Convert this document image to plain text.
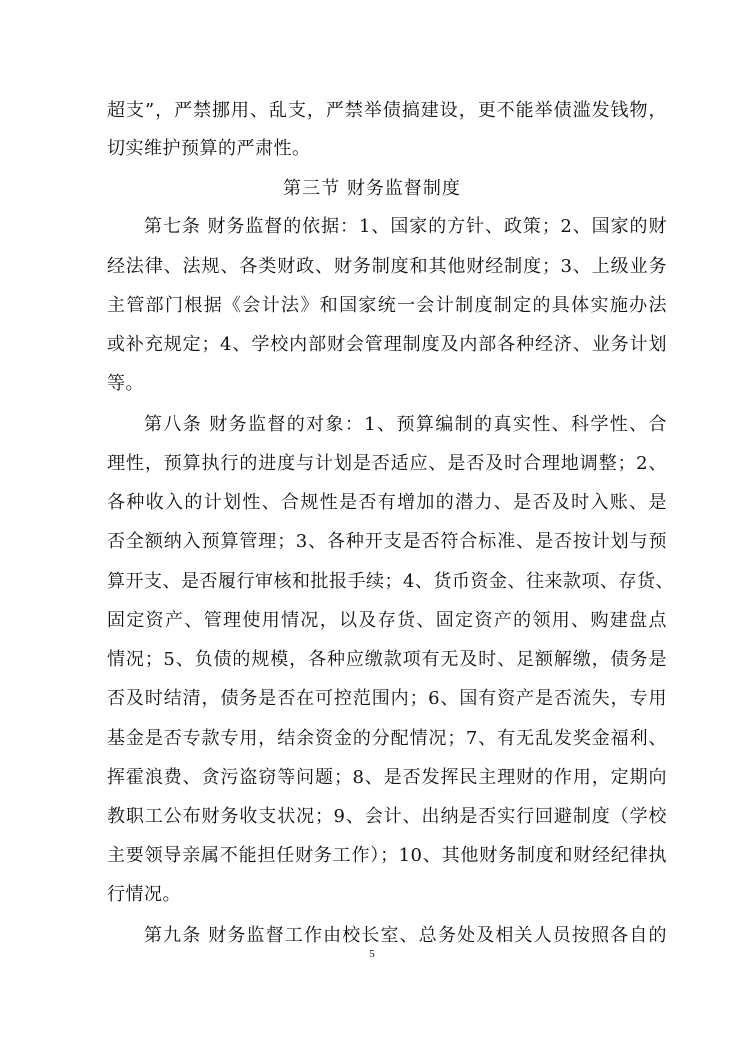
超支”，严禁挪用、乱支，严禁举债搞建设，更不能举债滥发钱物，
切实维护预算的严肃性。
第三节 财务监督制度
第七条 财务监督的依据：1、国家的方针、政策；2、国家的财
经法律、法规、各类财政、财务制度和其他财经制度；3、上级业务
主管部门根据《会计法》和国家统一会计制度制定的具体实施办法
或补充规定；4、学校内部财会管理制度及内部各种经济、业务计划
等。
第八条 财务监督的对象：1、预算编制的真实性、科学性、合
理性，预算执行的进度与计划是否适应、是否及时合理地调整；2、
各种收入的计划性、合规性是否有增加的潜力、是否及时入账、是
否全额纳入预算管理；3、各种开支是否符合标准、是否按计划与预
算开支、是否履行审核和批报手续；4、货币资金、往来款项、存货、
固定资产、管理使用情况，以及存货、固定资产的领用、购建盘点
情况；5、负债的规模，各种应缴款项有无及时、足额解缴，债务是
否及时结清，债务是否在可控范围内；6、国有资产是否流失，专用
基金是否专款专用，结余资金的分配情况；7、有无乱发奖金福利、
挥霍浪费、贪污盗窃等问题；8、是否发挥民主理财的作用，定期向
教职工公布财务收支状况；9、会计、出纳是否实行回避制度（学校
主要领导亲属不能担任财务工作）；10、其他财务制度和财经纪律执
行情况。
第九条 财务监督工作由校长室、总务处及相关人员按照各自的
5
